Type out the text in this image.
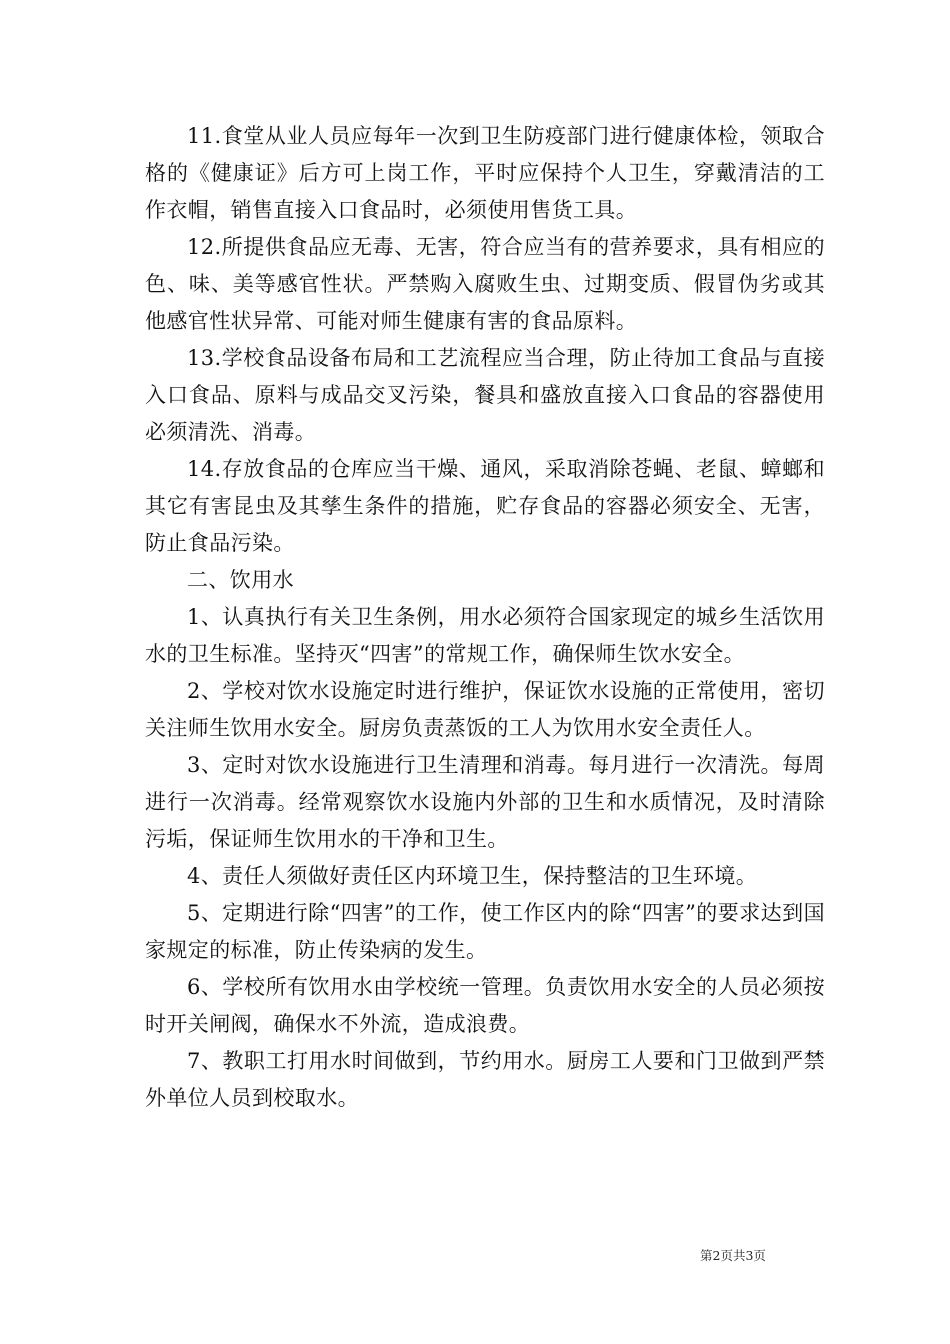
11.食堂从业人员应每年一次到卫生防疫部门进行健康体检，领取合格的《健康证》后方可上岗工作，平时应保持个人卫生，穿戴清洁的工作衣帽，销售直接入口食品时，必须使用售货工具。

12.所提供食品应无毒、无害，符合应当有的营养要求，具有相应的色、味、美等感官性状。严禁购入腐败生虫、过期变质、假冒伪劣或其他感官性状异常、可能对师生健康有害的食品原料。

13.学校食品设备布局和工艺流程应当合理，防止待加工食品与直接入口食品、原料与成品交叉污染，餐具和盛放直接入口食品的容器使用必须清洗、消毒。

14.存放食品的仓库应当干燥、通风，采取消除苍蝇、老鼠、蟑螂和其它有害昆虫及其孳生条件的措施，贮存食品的容器必须安全、无害，防止食品污染。

二、饮用水

1、认真执行有关卫生条例，用水必须符合国家现定的城乡生活饮用水的卫生标准。坚持灭“四害”的常规工作，确保师生饮水安全。

2、学校对饮水设施定时进行维护，保证饮水设施的正常使用，密切关注师生饮用水安全。厨房负责蒸饭的工人为饮用水安全责任人。

3、定时对饮水设施进行卫生清理和消毒。每月进行一次清洗。每周进行一次消毒。经常观察饮水设施内外部的卫生和水质情况，及时清除污垢，保证师生饮用水的干净和卫生。

4、责任人须做好责任区内环境卫生，保持整洁的卫生环境。

5、定期进行除“四害”的工作，使工作区内的除“四害”的要求达到国家规定的标准，防止传染病的发生。

6、学校所有饮用水由学校统一管理。负责饮用水安全的人员必须按时开关闸阀，确保水不外流，造成浪费。

7、教职工打用水时间做到，节约用水。厨房工人要和门卫做到严禁外单位人员到校取水。

第2页共3页
